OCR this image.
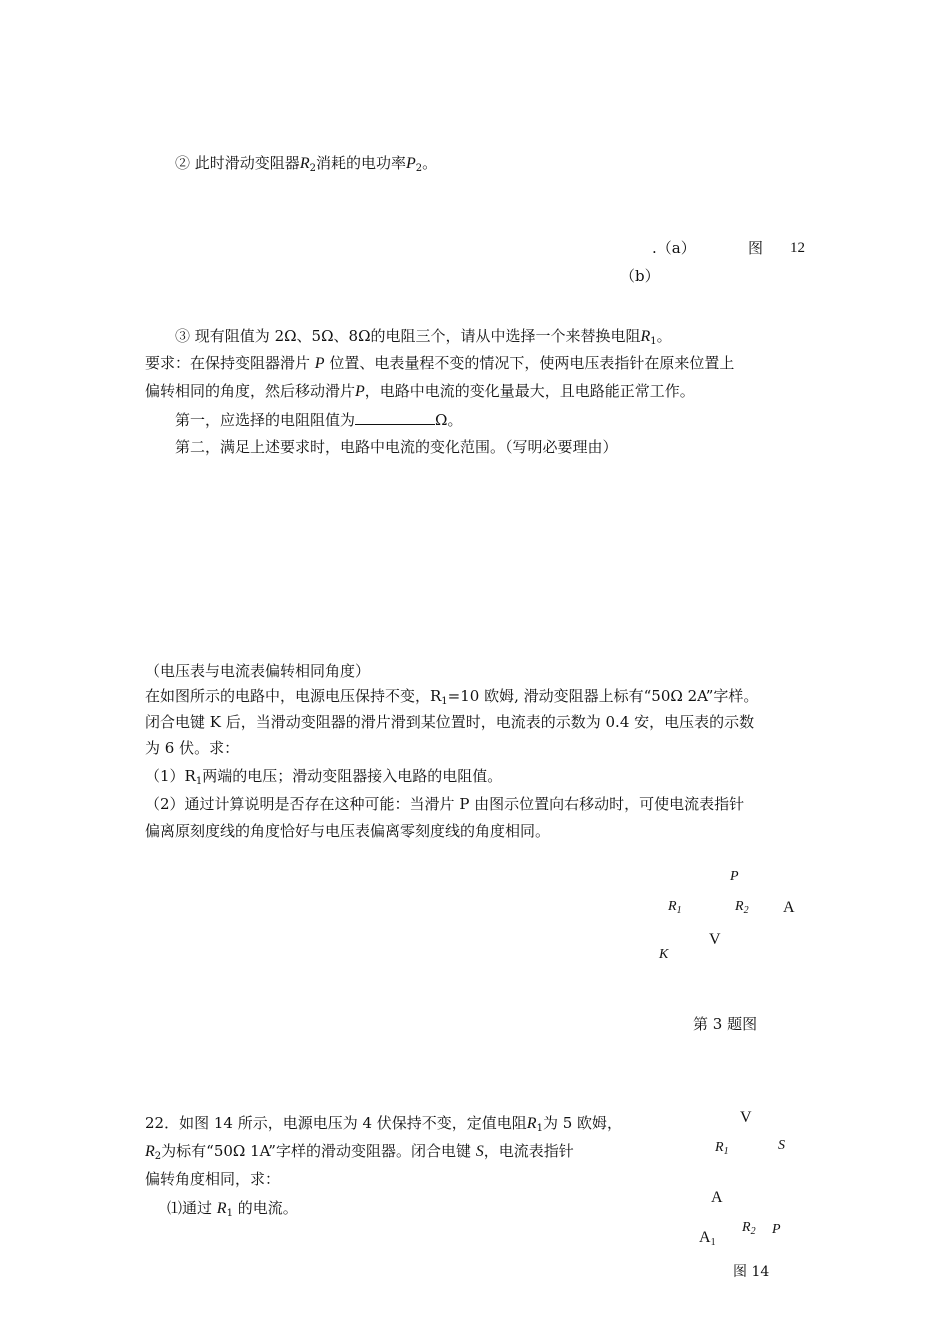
② 此时滑动变阻器$R_2$消耗的电功率$P_2$。
.（a）	图 12
（b）
③ 现有阻值为 2Ω、5Ω、8Ω的电阻三个，请从中选择一个来替换电阻$R_1$。
要求：在保持变阻器滑片 P 位置、电表量程不变的情况下，使两电压表指针在原来位置上
偏转相同的角度，然后移动滑片P，电路中电流的变化量最大，且电路能正常工作。
第一，应选择的电阻阻值为	Ω。
第二，满足上述要求时，电路中电流的变化范围。（写明必要理由）
（电压表与电流表偏转相同角度）
在如图所示的电路中，电源电压保持不变，$R_1=10$ 欧姆, 滑动变阻器上标有“50Ω 2A”字样。
闭合电键 K 后，当滑动变阻器的滑片滑到某位置时，电流表的示数为 0.4 安，电压表的示数
为 6 伏。求：
$(1)R_1$两端的电压；滑动变阻器接入电路的电阻值。
（2）通过计算说明是否存在这种可能：当滑片 P 由图示位置向右移动时，可使电流表指针
偏离原刻度线的角度恰好与电压表偏离零刻度线的角度相同。
P
$R_1$	$R_2$ A
V
K
第 3 题图
22．如图 14 所示，电源电压为 4 伏保持不变，定值电阻$R_1$为 5 欧姆，
$R_2$为标有“50Ω 1A”字样的滑动变阻器。闭合电键 S，电流表指针
偏转角度相同，求：
⑴通过 $R_1$ 的电流。
V
$R_1$	S
A
$R_2$ P
$A_1$
图 14
